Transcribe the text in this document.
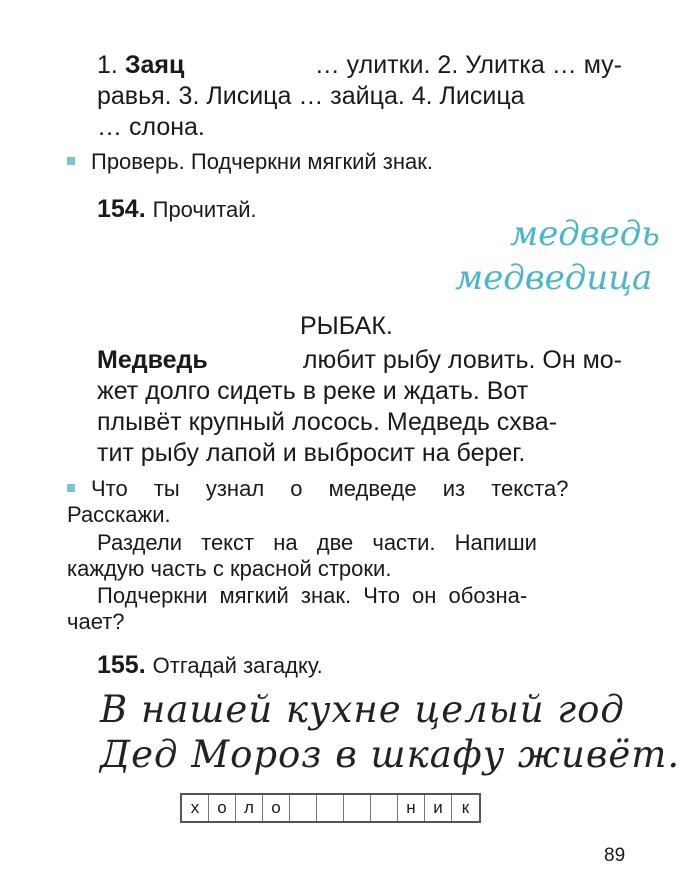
1. Заяц	… улитки. 2. Улитка … му-
равья. 3. Лисица … зайца. 4. Лисица
… слона.
Проверь. Подчеркни мягкий знак.
154. Прочитай.
медведь
медведица
РЫБАК.
Медведь	любит рыбу ловить. Он мо-
жет долго сидеть в реке и ждать. Вот
плывёт крупный лосось. Медведь схва-
тит рыбу лапой и выбросит на берег.
Что ты узнал о медведе из текста?
Расскажи.
Раздели текст на две части. Напиши
каждую часть с красной строки.
Подчеркни мягкий знак. Что он обозна-
чает?
155. Отгадай загадку.
В нашей кухне целый год
Дед Мороз в шкафу живёт.
х	о	л	о	н	и	к
89
